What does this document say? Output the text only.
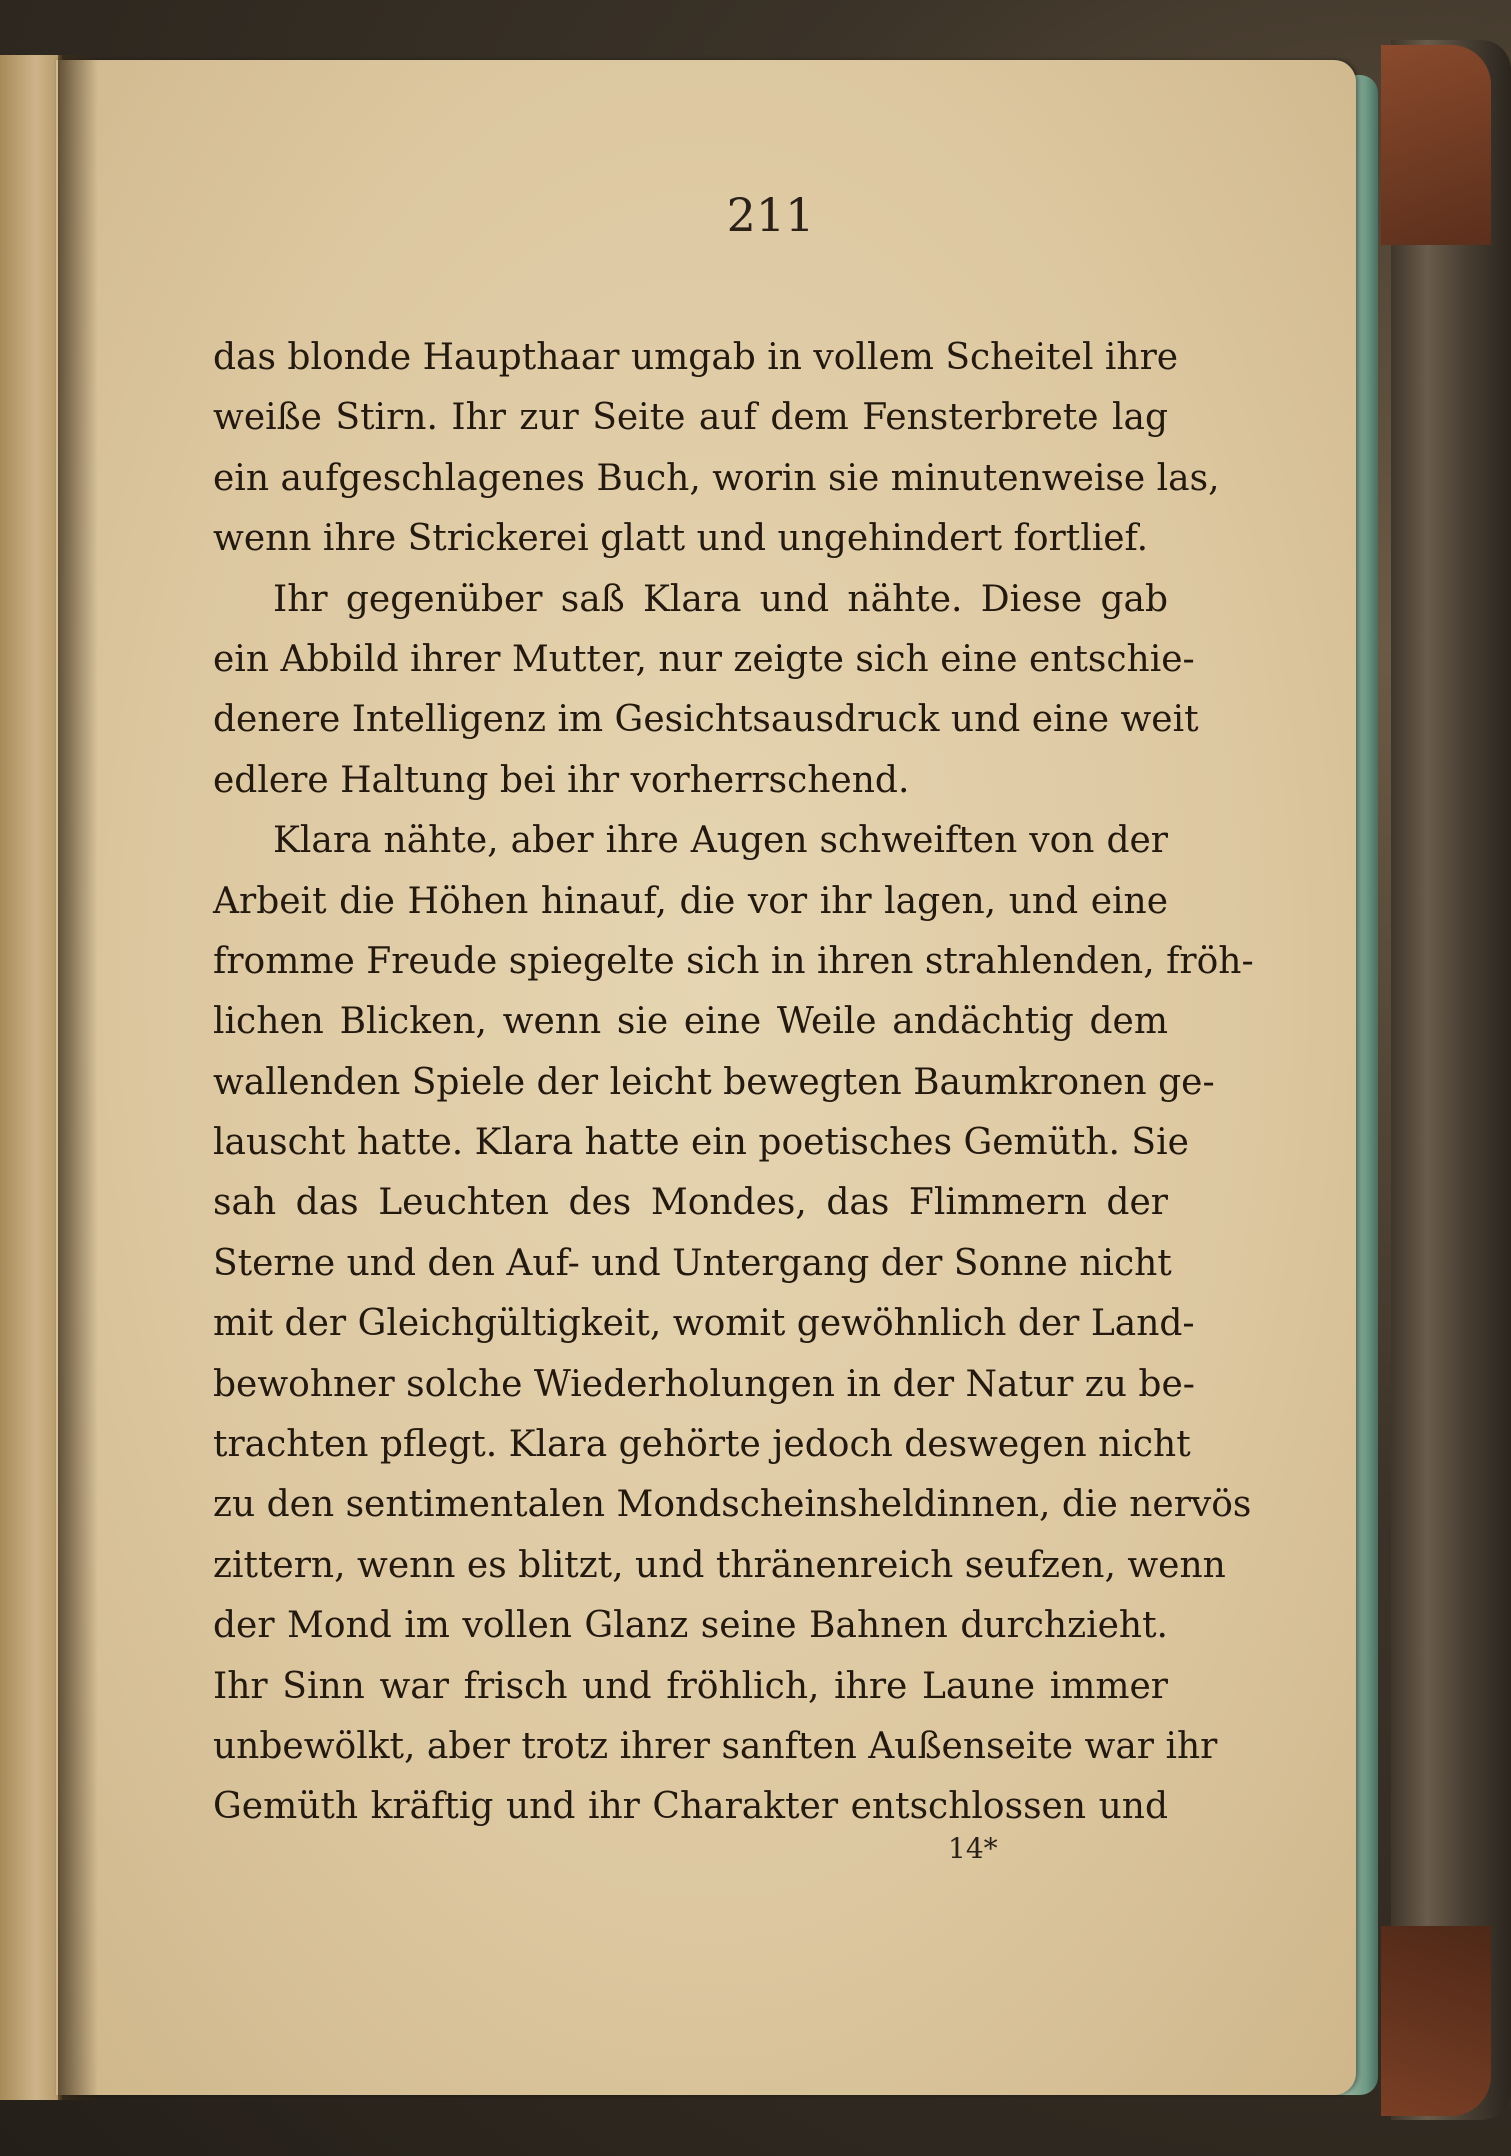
211
das blonde Haupthaar umgab in vollem Scheitel ihre
weiße Stirn. Ihr zur Seite auf dem Fensterbrete lag
ein aufgeschlagenes Buch, worin sie minutenweise las,
wenn ihre Strickerei glatt und ungehindert fortlief.
Ihr gegenüber saß Klara und nähte. Diese gab
ein Abbild ihrer Mutter, nur zeigte sich eine entschie-
denere Intelligenz im Gesichtsausdruck und eine weit
edlere Haltung bei ihr vorherrschend.
Klara nähte, aber ihre Augen schweiften von der
Arbeit die Höhen hinauf, die vor ihr lagen, und eine
fromme Freude spiegelte sich in ihren strahlenden, fröh-
lichen Blicken, wenn sie eine Weile andächtig dem
wallenden Spiele der leicht bewegten Baumkronen ge-
lauscht hatte. Klara hatte ein poetisches Gemüth. Sie
sah das Leuchten des Mondes, das Flimmern der
Sterne und den Auf- und Untergang der Sonne nicht
mit der Gleichgültigkeit, womit gewöhnlich der Land-
bewohner solche Wiederholungen in der Natur zu be-
trachten pflegt. Klara gehörte jedoch deswegen nicht
zu den sentimentalen Mondscheinsheldinnen, die nervös
zittern, wenn es blitzt, und thränenreich seufzen, wenn
der Mond im vollen Glanz seine Bahnen durchzieht.
Ihr Sinn war frisch und fröhlich, ihre Laune immer
unbewölkt, aber trotz ihrer sanften Außenseite war ihr
Gemüth kräftig und ihr Charakter entschlossen und
14*
